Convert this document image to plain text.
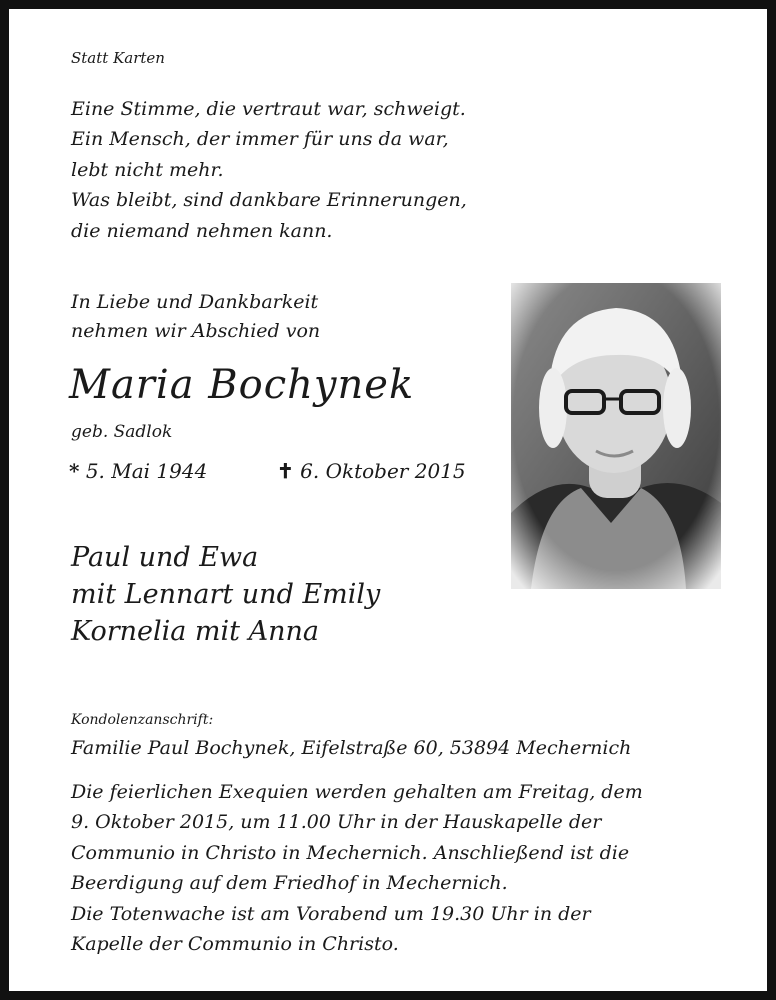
Statt Karten
Eine Stimme, die vertraut war, schweigt.
Ein Mensch, der immer für uns da war,
lebt nicht mehr.
Was bleibt, sind dankbare Erinnerungen,
die niemand nehmen kann.
In Liebe und Dankbarkeit
nehmen wir Abschied von
Maria Bochynek
geb. Sadlok
* 5. Mai 1944	✝ 6. Oktober 2015
Paul und Ewa
mit Lennart und Emily
Kornelia mit Anna
Kondolenzanschrift:
Familie Paul Bochynek, Eifelstraße 60, 53894 Mechernich
Die feierlichen Exequien werden gehalten am Freitag, dem
9. Oktober 2015, um 11.00 Uhr in der Hauskapelle der
Communio in Christo in Mechernich. Anschließend ist die
Beerdigung auf dem Friedhof in Mechernich.
Die Totenwache ist am Vorabend um 19.30 Uhr in der
Kapelle der Communio in Christo.
